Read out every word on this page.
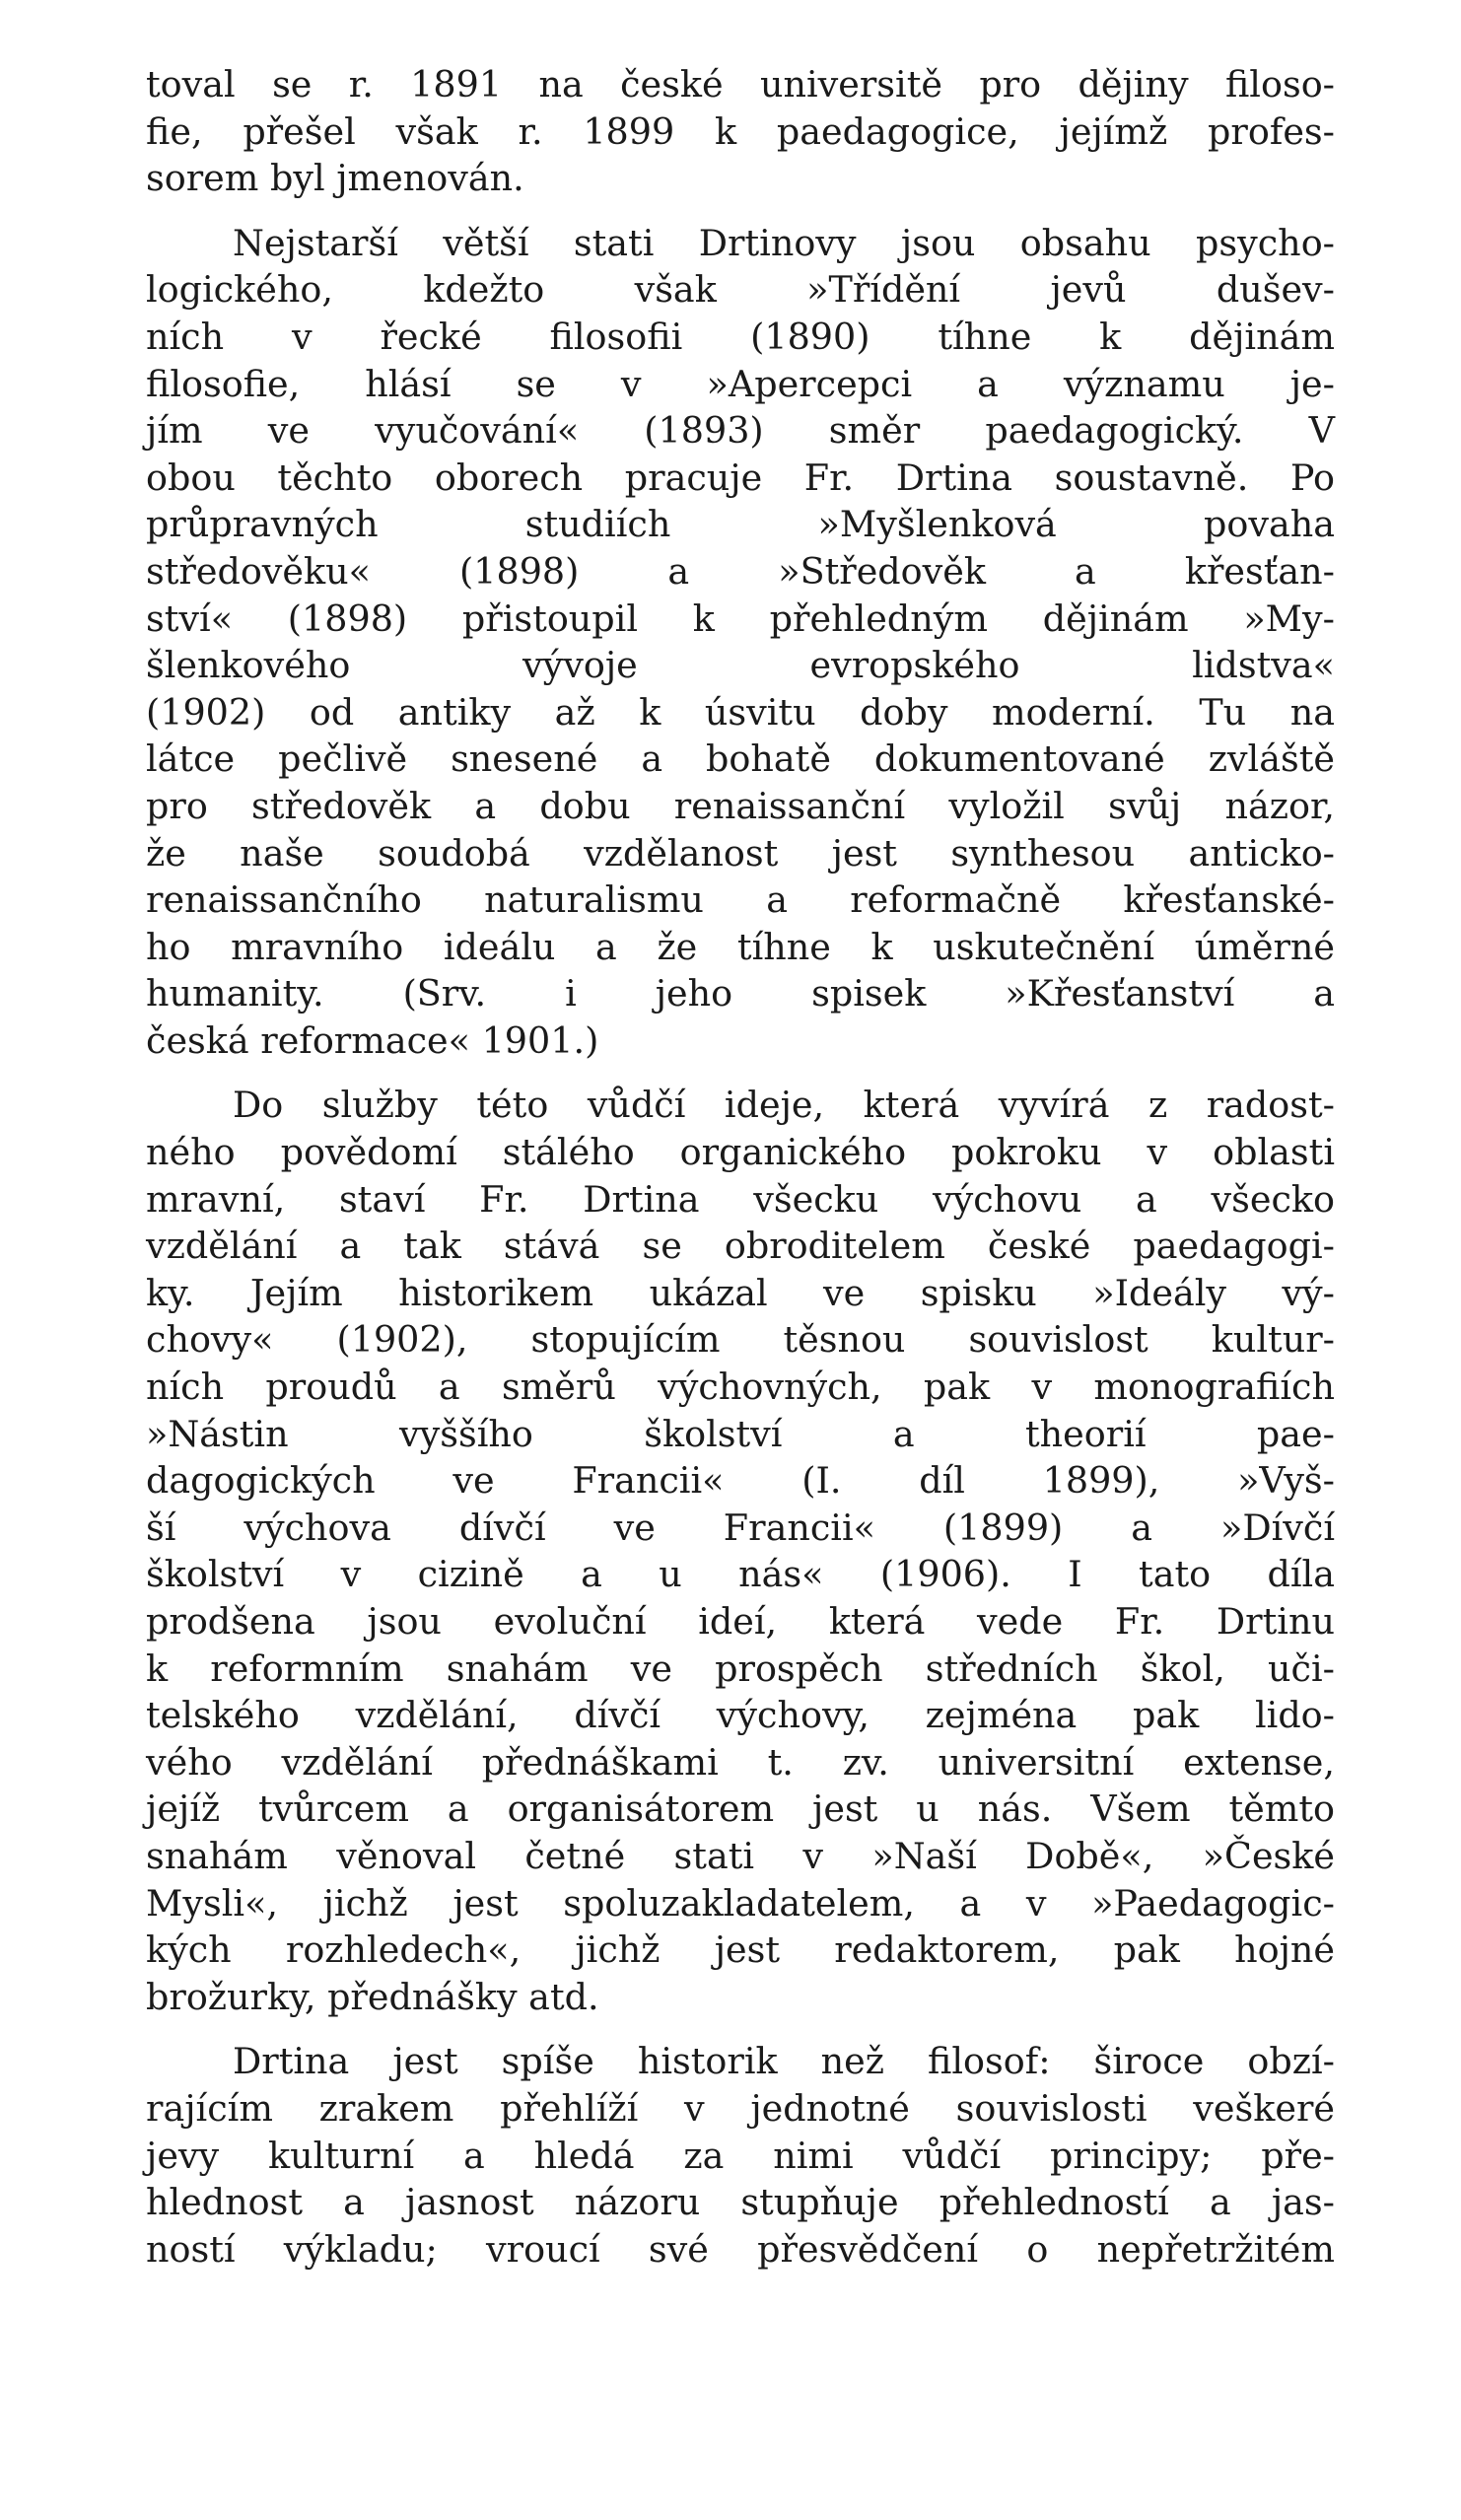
toval se r. 1891 na české universitě pro dějiny filoso-
fie, přešel však r. 1899 k paedagogice, jejímž profes-
sorem byl jmenován.
Nejstarší větší stati Drtinovy jsou obsahu psycho-
logického, kdežto však »Třídění jevů dušev-
ních v řecké filosofii (1890) tíhne k dějinám
filosofie, hlásí se v »Apercepci a významu je-
jím ve vyučování« (1893) směr paedagogický. V
obou těchto oborech pracuje Fr. Drtina soustavně. Po
průpravných studiích »Myšlenková povaha
středověku« (1898) a »Středověk a křesťan-
ství« (1898) přistoupil k přehledným dějinám »My-
šlenkového vývoje evropského lidstva«
(1902) od antiky až k úsvitu doby moderní. Tu na
látce pečlivě snesené a bohatě dokumentované zvláště
pro středověk a dobu renaissanční vyložil svůj názor,
že naše soudobá vzdělanost jest synthesou anticko-
renaissančního naturalismu a reformačně křesťanské-
ho mravního ideálu a že tíhne k uskutečnění úměrné
humanity. (Srv. i jeho spisek »Křesťanství a
česká reformace« 1901.)
Do služby této vůdčí ideje, která vyvírá z radost-
ného povědomí stálého organického pokroku v oblasti
mravní, staví Fr. Drtina všecku výchovu a všecko
vzdělání a tak stává se obroditelem české paedagogi-
ky. Jejím historikem ukázal ve spisku »Ideály vý-
chovy« (1902), stopujícím těsnou souvislost kultur-
ních proudů a směrů výchovných, pak v monografiích
»Nástin vyššího školství a theorií pae-
dagogických ve Francii« (I. díl 1899), »Vyš-
ší výchova dívčí ve Francii« (1899) a »Dívčí
školství v cizině a u nás« (1906). I tato díla
prodšena jsou evoluční ideí, která vede Fr. Drtinu
k reformním snahám ve prospěch středních škol, uči-
telského vzdělání, dívčí výchovy, zejména pak lido-
vého vzdělání přednáškami t. zv. universitní extense,
jejíž tvůrcem a organisátorem jest u nás. Všem těmto
snahám věnoval četné stati v »Naší Době«, »České
Mysli«, jichž jest spoluzakladatelem, a v »Paedagogic-
kých rozhledech«, jichž jest redaktorem, pak hojné
brožurky, přednášky atd.
Drtina jest spíše historik než filosof: široce obzí-
rajícím zrakem přehlíží v jednotné souvislosti veškeré
jevy kulturní a hledá za nimi vůdčí principy; pře-
hlednost a jasnost názoru stupňuje přehledností a jas-
ností výkladu; vroucí své přesvědčení o nepřetržitém
